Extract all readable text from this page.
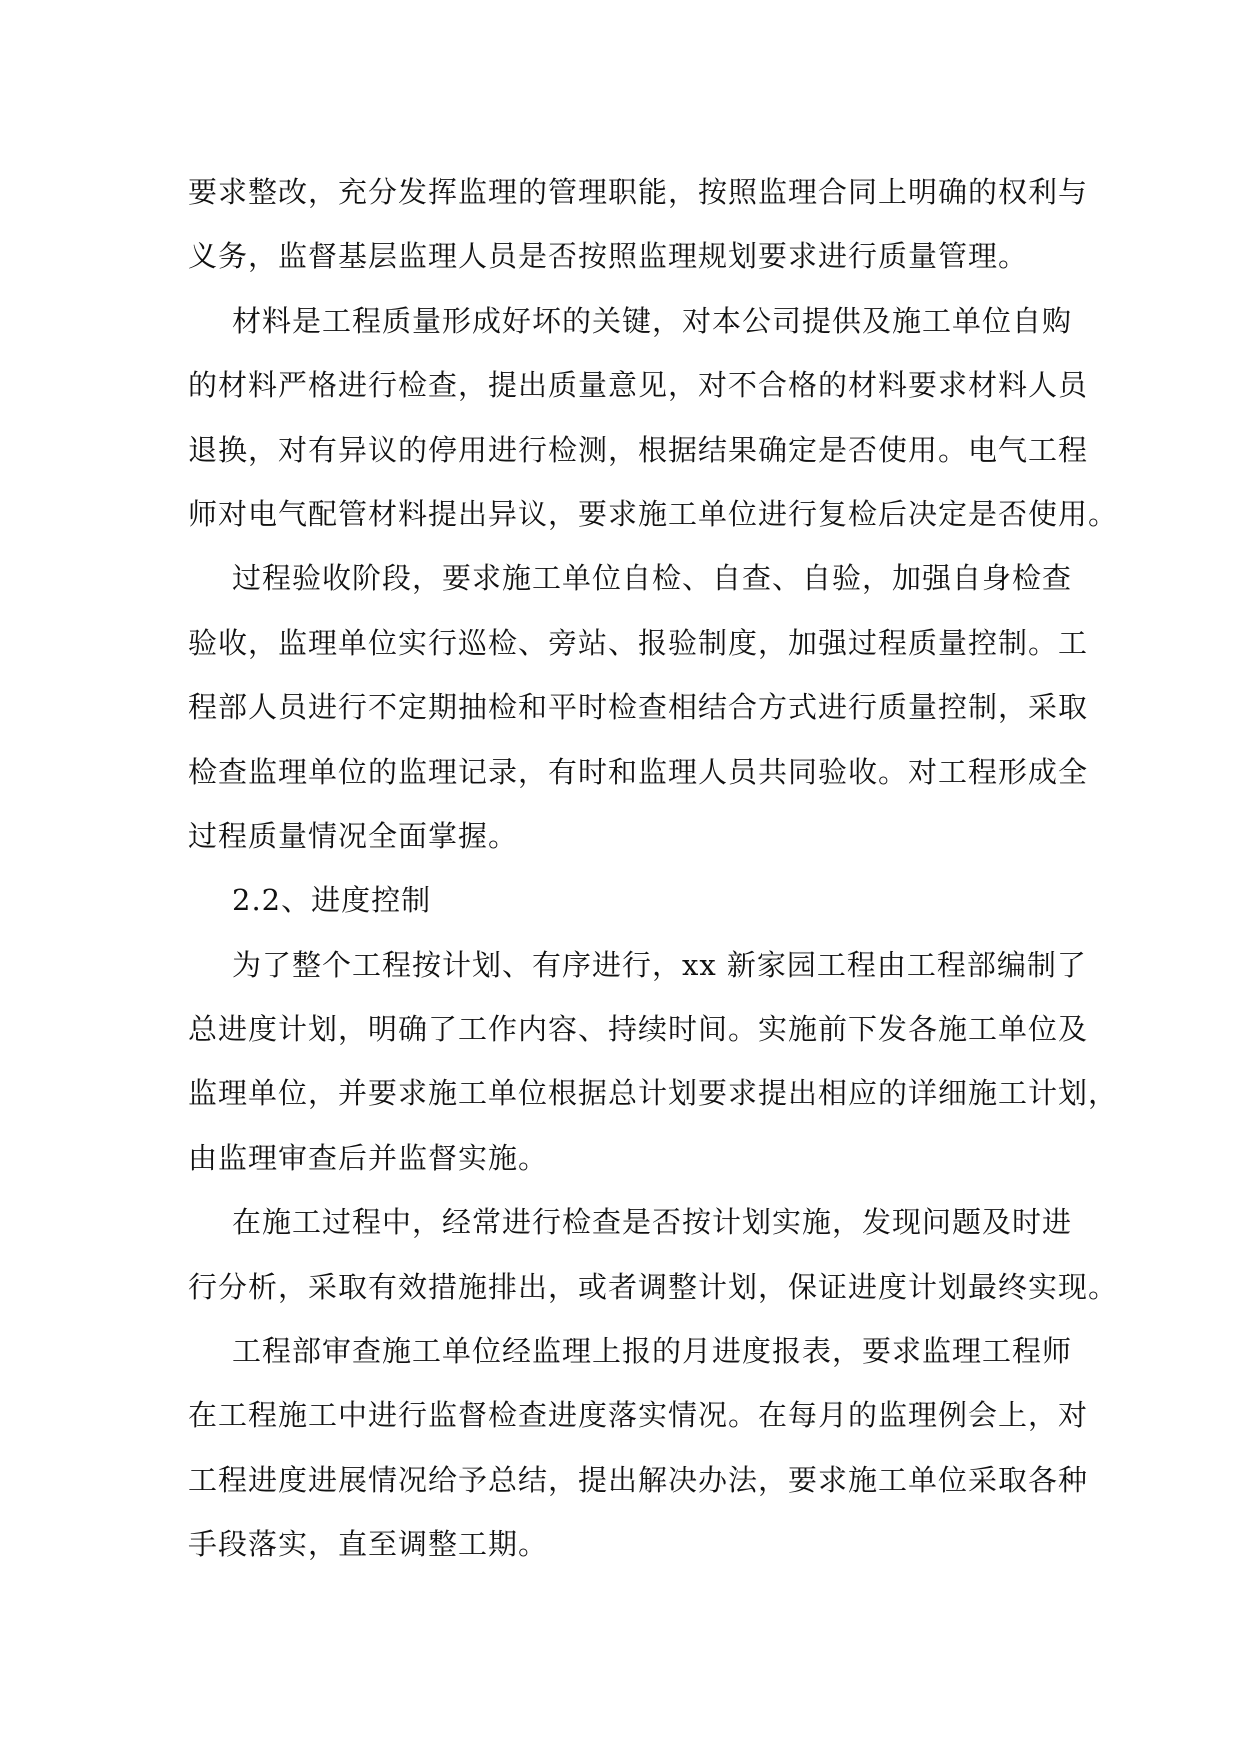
要求整改，充分发挥监理的管理职能，按照监理合同上明确的权利与
义务，监督基层监理人员是否按照监理规划要求进行质量管理。
材料是工程质量形成好坏的关键，对本公司提供及施工单位自购
的材料严格进行检查，提出质量意见，对不合格的材料要求材料人员
退换，对有异议的停用进行检测，根据结果确定是否使用。电气工程
师对电气配管材料提出异议，要求施工单位进行复检后决定是否使用。
过程验收阶段，要求施工单位自检、自查、自验，加强自身检查
验收，监理单位实行巡检、旁站、报验制度，加强过程质量控制。工
程部人员进行不定期抽检和平时检查相结合方式进行质量控制，采取
检查监理单位的监理记录，有时和监理人员共同验收。对工程形成全
过程质量情况全面掌握。
2.2、进度控制
为了整个工程按计划、有序进行，xx 新家园工程由工程部编制了
总进度计划，明确了工作内容、持续时间。实施前下发各施工单位及
监理单位，并要求施工单位根据总计划要求提出相应的详细施工计划，
由监理审查后并监督实施。
在施工过程中，经常进行检查是否按计划实施，发现问题及时进
行分析，采取有效措施排出，或者调整计划，保证进度计划最终实现。
工程部审查施工单位经监理上报的月进度报表，要求监理工程师
在工程施工中进行监督检查进度落实情况。在每月的监理例会上，对
工程进度进展情况给予总结，提出解决办法，要求施工单位采取各种
手段落实，直至调整工期。
